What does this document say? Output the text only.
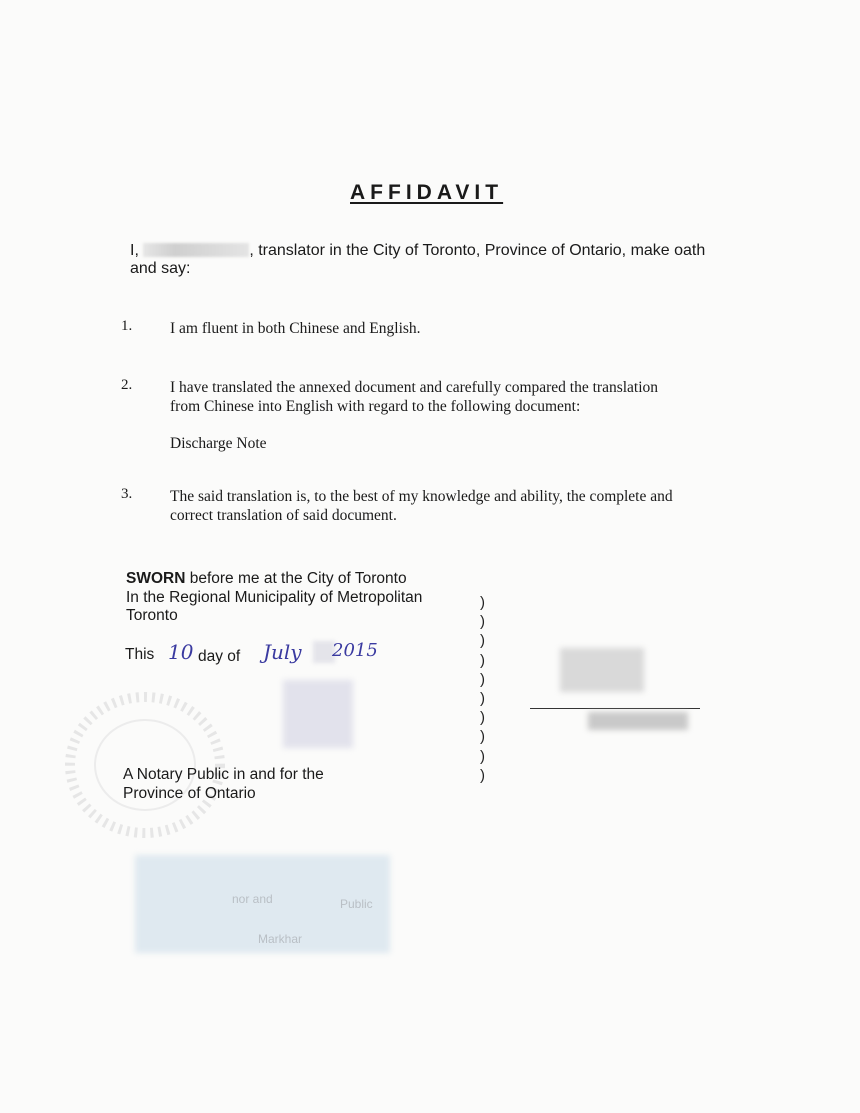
AFFIDAVIT
I,	, translator in the City of Toronto, Province of Ontario, make oath
and say:
1. I am fluent in both Chinese and English.
2. I have translated the annexed document and carefully compared the translation
from Chinese into English with regard to the following document:
Discharge Note
3. The said translation is, to the best of my knowledge and ability, the complete and
correct translation of said document.
SWORN before me at the City of Toronto
In the Regional Municipality of Metropolitan
Toronto
This 10 day of July 2015
A Notary Public in and for the
Province of Ontario
)
)
)
)
)
)
)
)
)
)
nor and	Public
Markhar
